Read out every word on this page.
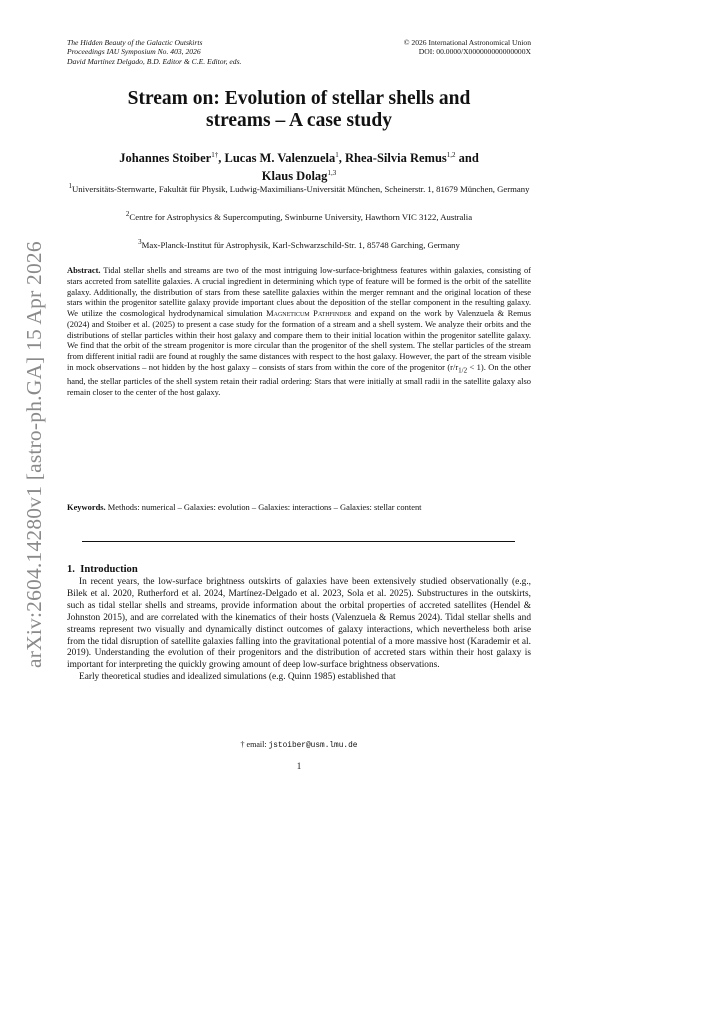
arXiv:2604.14280v1 [astro-ph.GA] 15 Apr 2026
The Hidden Beauty of the Galactic Outskirts
Proceedings IAU Symposium No. 403, 2026
David Martínez Delgado, B.D. Editor & C.E. Editor, eds.
© 2026 International Astronomical Union
DOI: 00.0000/X000000000000000X
Stream on: Evolution of stellar shells and
streams – A case study
Johannes Stoiber$^{1\dagger}$, Lucas M. Valenzuela$^1$, Rhea-Silvia Remus$^{1,2}$ and
Klaus Dolag$^{1,3}$
$^1$Universitäts-Sternwarte, Fakultät für Physik, Ludwig-Maximilians-Universität München, Scheinerstr. 1, 81679 München, Germany
$^2$Centre for Astrophysics & Supercomputing, Swinburne University, Hawthorn VIC 3122, Australia
$^3$Max-Planck-Institut für Astrophysik, Karl-Schwarzschild-Str. 1, 85748 Garching, Germany
Abstract. Tidal stellar shells and streams are two of the most intriguing low-surface-brightness features within galaxies, consisting of stars accreted from satellite galaxies. A crucial ingredient in determining which type of feature will be formed is the orbit of the satellite galaxy. Additionally, the distribution of stars from these satellite galaxies within the merger remnant and the original location of these stars within the progenitor satellite galaxy provide important clues about the deposition of the stellar component in the resulting galaxy. We utilize the cosmological hydrodynamical simulation Magneticum Pathfinder and expand on the work by Valenzuela & Remus (2024) and Stoiber et al. (2025) to present a case study for the formation of a stream and a shell system. We analyze their orbits and the distributions of stellar particles within their host galaxy and compare them to their initial location within the progenitor satellite galaxy. We find that the orbit of the stream progenitor is more circular than the progenitor of the shell system. The stellar particles of the stream from different initial radii are found at roughly the same distances with respect to the host galaxy. However, the part of the stream visible in mock observations – not hidden by the host galaxy – consists of stars from within the core of the progenitor $(r/r_{1/2} < 1)$. On the other hand, the stellar particles of the shell system retain their radial ordering: Stars that were initially at small radii in the satellite galaxy also remain closer to the center of the host galaxy.
Keywords. Methods: numerical – Galaxies: evolution – Galaxies: interactions – Galaxies: stellar content
1. Introduction

In recent years, the low-surface brightness outskirts of galaxies have been extensively studied observationally (e.g., Bilek et al. 2020, Rutherford et al. 2024, Martínez-Delgado et al. 2023, Sola et al. 2025). Substructures in the outskirts, such as tidal stellar shells and streams, provide information about the orbital properties of accreted satellites (Hendel & Johnston 2015), and are correlated with the kinematics of their hosts (Valenzuela & Remus 2024). Tidal stellar shells and streams represent two visually and dynamically distinct outcomes of galaxy interactions, which nevertheless both arise from the tidal disruption of satellite galaxies falling into the gravitational potential of a more massive host (Karademir et al. 2019). Understanding the evolution of their progenitors and the distribution of accreted stars within their host galaxy is important for interpreting the quickly growing amount of deep low-surface brightness observations.

Early theoretical studies and idealized simulations (e.g. Quinn 1985) established that

† email: jstoiber@usm.lmu.de
1
